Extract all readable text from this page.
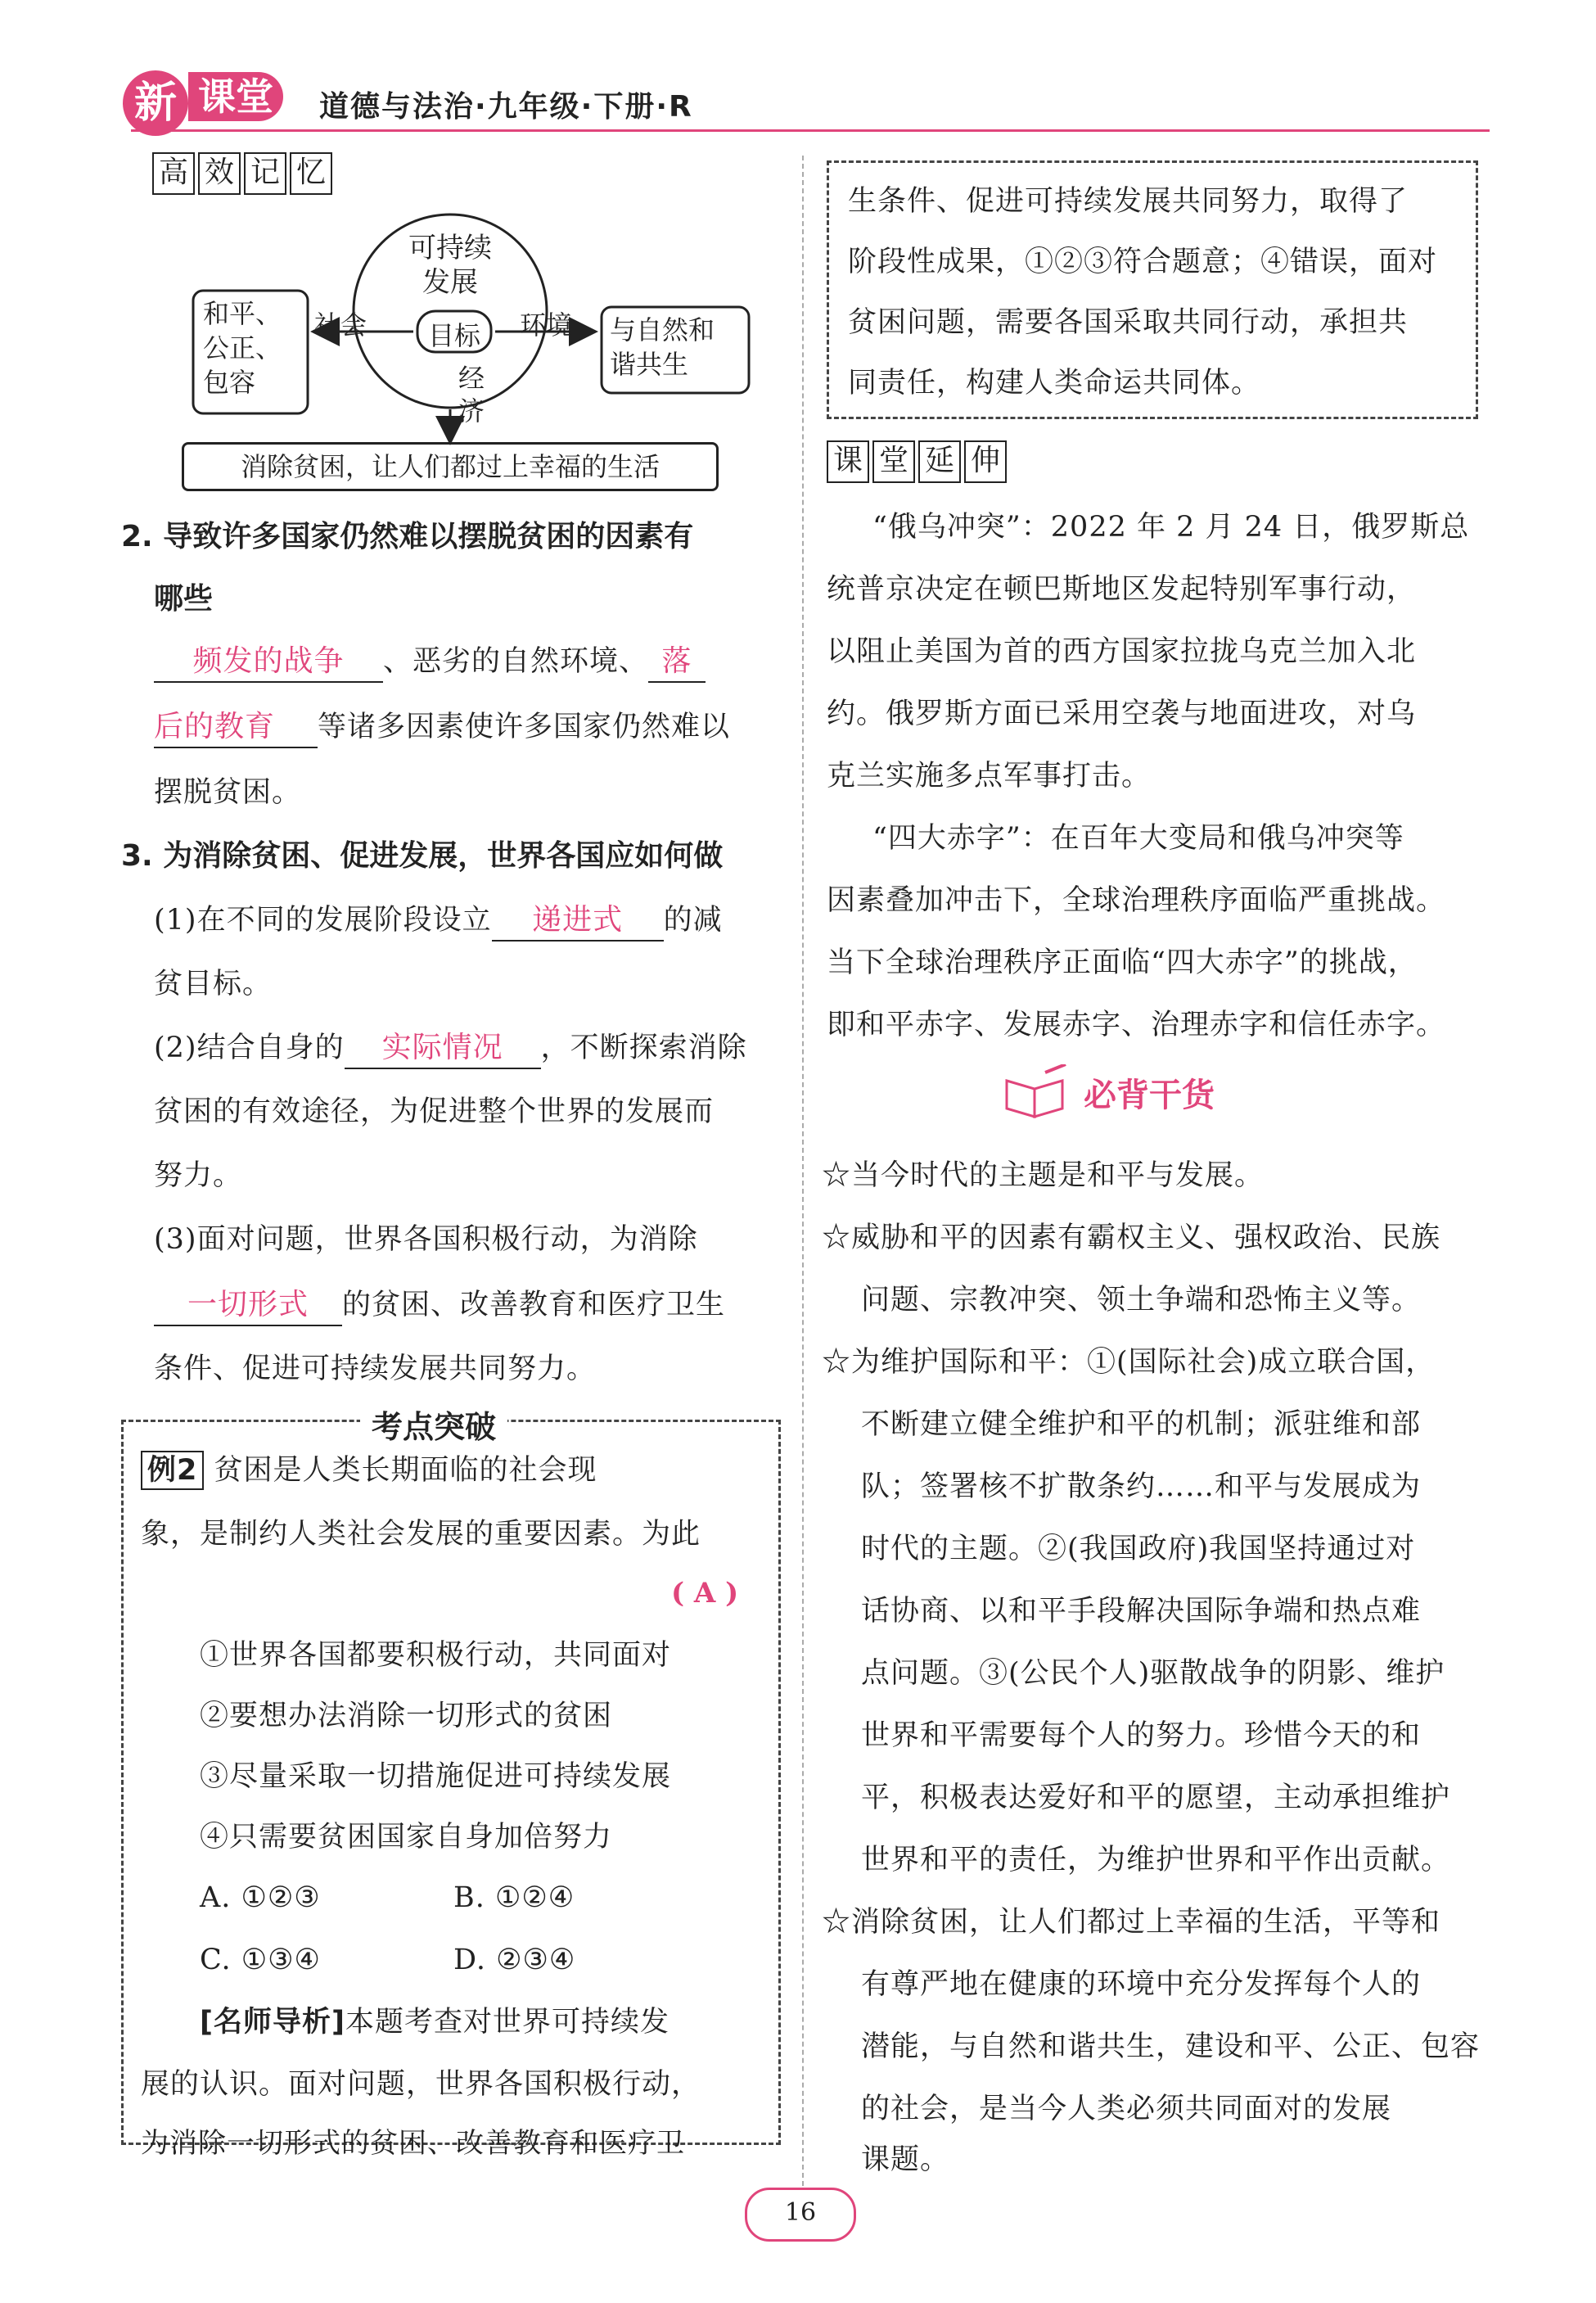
新 课堂	道德与法治·九年级·下册·R
高 效 记 忆
可持续
发展
目标
和平、
公正、
包容
社会	环境 与自然和
谐共生
经
济
消除贫困，让人们都过上幸福的生活
2. 导致许多国家仍然难以摆脱贫困的因素有
哪些
频发的战争 、恶劣的自然环境、 落
后的教育 等诸多因素使许多国家仍然难以
摆脱贫困。
3. 为消除贫困、促进发展，世界各国应如何做
(1)在不同的发展阶段设立 递进式 的减
贫目标。
(2)结合自身的 实际情况 ，不断探索消除
贫困的有效途径，为促进整个世界的发展而
努力。
(3)面对问题，世界各国积极行动，为消除
一切形式 的贫困、改善教育和医疗卫生
条件、促进可持续发展共同努力。
考点突破
例2 贫困是人类长期面临的社会现
象，是制约人类社会发展的重要因素。为此
( A )
①世界各国都要积极行动，共同面对
②要想办法消除一切形式的贫困
③尽量采取一切措施促进可持续发展
④只需要贫困国家自身加倍努力
A. ①②③	B. ①②④
C. ①③④	D. ②③④
[名师导析]本题考查对世界可持续发
展的认识。面对问题，世界各国积极行动，
为消除一切形式的贫困、改善教育和医疗卫
生条件、促进可持续发展共同努力，取得了
阶段性成果，①②③符合题意；④错误，面对
贫困问题，需要各国采取共同行动，承担共
同责任，构建人类命运共同体。
课 堂 延 伸
“俄乌冲突”：2022 年 2 月 24 日，俄罗斯总
统普京决定在顿巴斯地区发起特别军事行动，
以阻止美国为首的西方国家拉拢乌克兰加入北
约。俄罗斯方面已采用空袭与地面进攻，对乌
克兰实施多点军事打击。
“四大赤字”：在百年大变局和俄乌冲突等
因素叠加冲击下，全球治理秩序面临严重挑战。
当下全球治理秩序正面临“四大赤字”的挑战，
即和平赤字、发展赤字、治理赤字和信任赤字。
必背干货
☆当今时代的主题是和平与发展。
☆威胁和平的因素有霸权主义、强权政治、民族
问题、宗教冲突、领土争端和恐怖主义等。
☆为维护国际和平：①(国际社会)成立联合国，
不断建立健全维护和平的机制；派驻维和部
队；签署核不扩散条约……和平与发展成为
时代的主题。②(我国政府)我国坚持通过对
话协商、以和平手段解决国际争端和热点难
点问题。③(公民个人)驱散战争的阴影、维护
世界和平需要每个人的努力。珍惜今天的和
平，积极表达爱好和平的愿望，主动承担维护
世界和平的责任，为维护世界和平作出贡献。
☆消除贫困，让人们都过上幸福的生活，平等和
有尊严地在健康的环境中充分发挥每个人的
潜能，与自然和谐共生，建设和平、公正、包容
的社会，是当今人类必须共同面对的发展
课题。
16
